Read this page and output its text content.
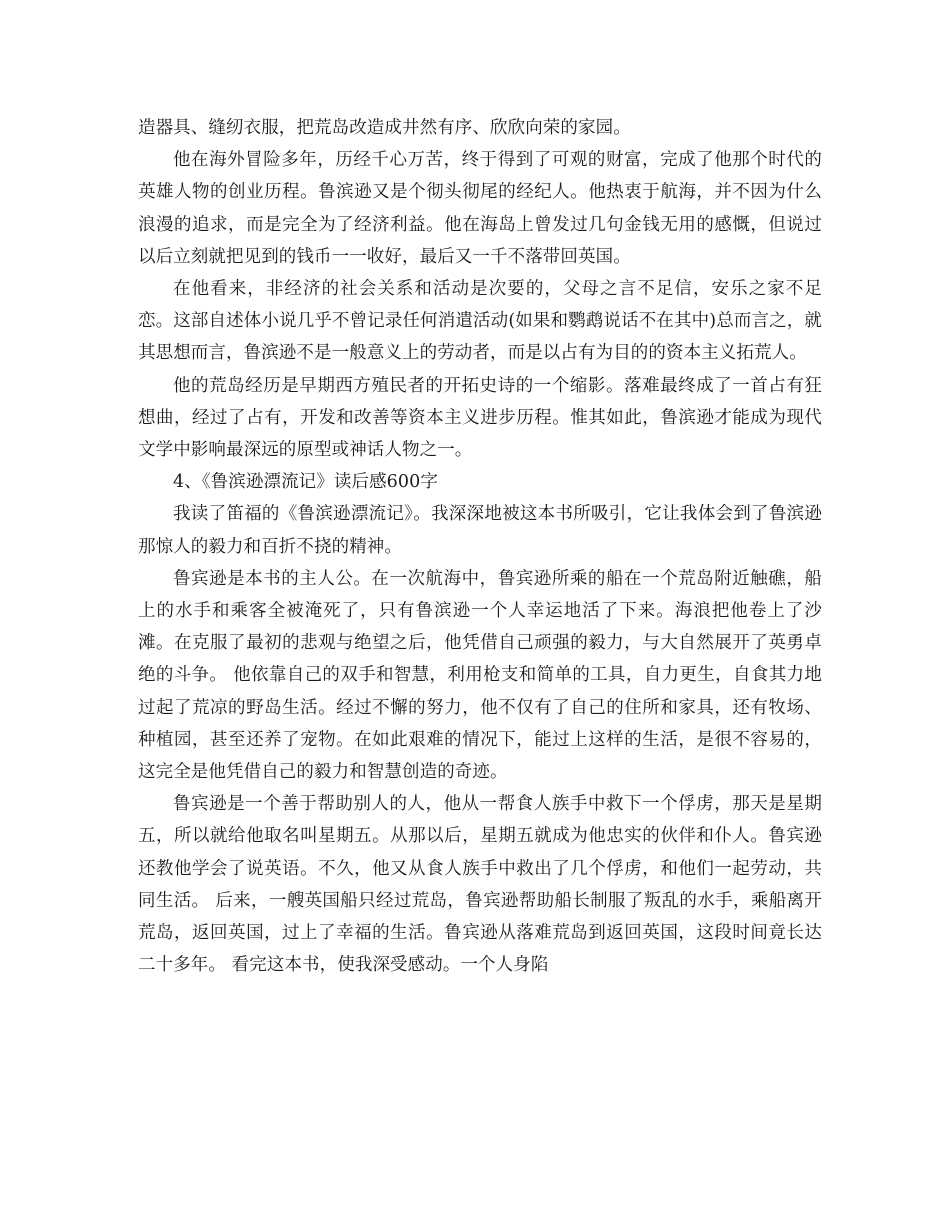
造器具、缝纫衣服，把荒岛改造成井然有序、欣欣向荣的家园。

他在海外冒险多年，历经千心万苦，终于得到了可观的财富，完成了他那个时代的英雄人物的创业历程。鲁滨逊又是个彻头彻尾的经纪人。他热衷于航海，并不因为什么浪漫的追求，而是完全为了经济利益。他在海岛上曾发过几句金钱无用的感慨，但说过以后立刻就把见到的钱币一一收好，最后又一千不落带回英国。

在他看来，非经济的社会关系和活动是次要的，父母之言不足信，安乐之家不足恋。这部自述体小说几乎不曾记录任何消遣活动(如果和鹦鹉说话不在其中)总而言之，就其思想而言，鲁滨逊不是一般意义上的劳动者，而是以占有为目的的资本主义拓荒人。

他的荒岛经历是早期西方殖民者的开拓史诗的一个缩影。落难最终成了一首占有狂想曲，经过了占有，开发和改善等资本主义进步历程。惟其如此，鲁滨逊才能成为现代文学中影响最深远的原型或神话人物之一。

4、《鲁滨逊漂流记》读后感600字

我读了笛福的《鲁滨逊漂流记》。我深深地被这本书所吸引，它让我体会到了鲁滨逊那惊人的毅力和百折不挠的精神。

鲁宾逊是本书的主人公。在一次航海中，鲁宾逊所乘的船在一个荒岛附近触礁，船上的水手和乘客全被淹死了，只有鲁滨逊一个人幸运地活了下来。海浪把他卷上了沙滩。在克服了最初的悲观与绝望之后，他凭借自己顽强的毅力，与大自然展开了英勇卓绝的斗争。 他依靠自己的双手和智慧，利用枪支和简单的工具，自力更生，自食其力地过起了荒凉的野岛生活。经过不懈的努力，他不仅有了自己的住所和家具，还有牧场、种植园，甚至还养了宠物。在如此艰难的情况下，能过上这样的生活，是很不容易的，这完全是他凭借自己的毅力和智慧创造的奇迹。

鲁宾逊是一个善于帮助别人的人，他从一帮食人族手中救下一个俘虏，那天是星期五，所以就给他取名叫星期五。从那以后，星期五就成为他忠实的伙伴和仆人。鲁宾逊还教他学会了说英语。不久，他又从食人族手中救出了几个俘虏，和他们一起劳动，共同生活。 后来，一艘英国船只经过荒岛，鲁宾逊帮助船长制服了叛乱的水手，乘船离开荒岛，返回英国，过上了幸福的生活。鲁宾逊从落难荒岛到返回英国，这段时间竟长达二十多年。 看完这本书，使我深受感动。一个人身陷
